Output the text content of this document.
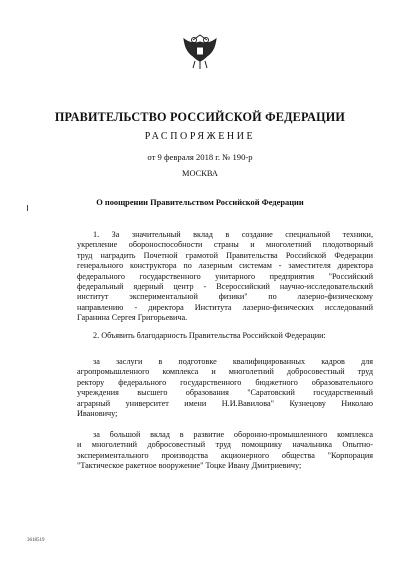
ПРАВИТЕЛЬСТВО РОССИЙСКОЙ ФЕДЕРАЦИИ
РАСПОРЯЖЕНИЕ
от 9 февраля 2018 г. № 190-р
МОСКВА
О поощрении Правительством Российской Федерации
1. За значительный вклад в создание специальной техники,
укрепление обороноспособности страны и многолетний плодотворный
труд наградить Почетной грамотой Правительства Российской Федерации
генерального конструктора по лазерным системам - заместителя директора
федерального государственного унитарного предприятия "Российский
федеральный ядерный центр - Всероссийский научно-исследовательский
институт экспериментальной физики" по лазерно-физическому
направлению - директора Института лазерно-физических исследований
Гаранина Сергея Григорьевича.
2. Объявить благодарность Правительства Российской Федерации:
за заслуги в подготовке квалифицированных кадров для
агропромышленного комплекса и многолетний добросовестный труд
ректору федерального государственного бюджетного образовательного
учреждения высшего образования "Саратовский государственный
аграрный университет имени Н.И.Вавилова" Кузнецову Николаю
Ивановичу;
за большой вклад в развитие оборонно-промышленного комплекса
и многолетний добросовестный труд помощнику начальника Опытно-
экспериментального производства акционерного общества "Корпорация
"Тактическое ракетное вооружение" Тоцке Ивану Дмитриевичу;
3618519
